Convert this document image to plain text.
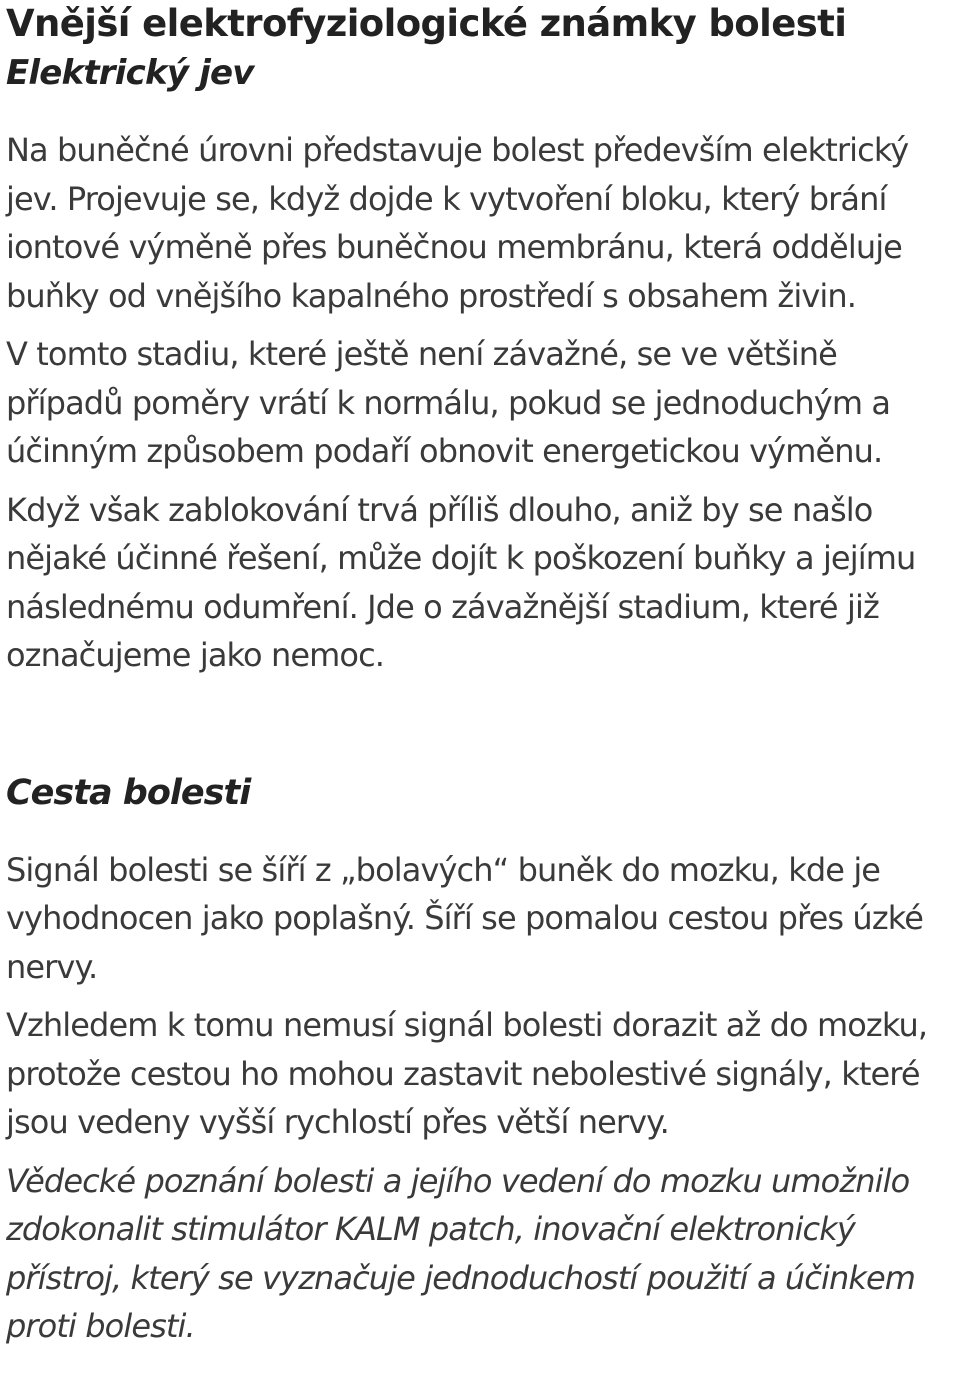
Vnější elektrofyziologické známky bolesti
Elektrický jev

Na buněčné úrovni představuje bolest především elektrický jev. Projevuje se, když dojde k vytvoření bloku, který brání iontové výměně přes buněčnou membránu, která odděluje buňky od vnějšího kapalného prostředí s obsahem živin.

V tomto stadiu, které ještě není závažné, se ve většině případů poměry vrátí k normálu, pokud se jednoduchým a účinným způsobem podaří obnovit energetickou výměnu.

Když však zablokování trvá příliš dlouho, aniž by se našlo nějaké účinné řešení, může dojít k poškození buňky a jejímu následnému odumření. Jde o závažnější stadium, které již označujeme jako nemoc.

Cesta bolesti

Signál bolesti se šíří z „bolavých“ buněk do mozku, kde je vyhodnocen jako poplašný. Šíří se pomalou cestou přes úzké nervy.

Vzhledem k tomu nemusí signál bolesti dorazit až do mozku, protože cestou ho mohou zastavit nebolestivé signály, které jsou vedeny vyšší rychlostí přes větší nervy.

Vědecké poznání bolesti a jejího vedení do mozku umožnilo zdokonalit stimulátor KALM patch, inovační elektronický přístroj, který se vyznačuje jednoduchostí použití a účinkem proti bolesti.
